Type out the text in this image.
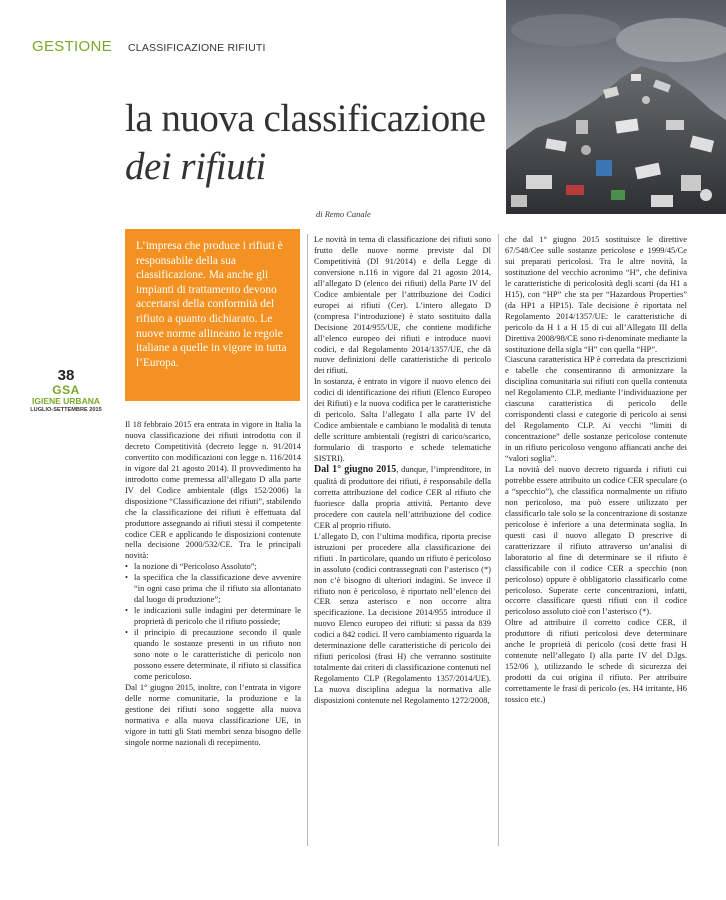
GESTIONE CLASSIFICAZIONE RIFIUTI
la nuova classificazione
dei rifiuti
di Remo Canale
L’impresa che produce i rifiuti è responsabile della sua classificazione. Ma anche gli impianti di trattamento devono accertarsi della conformità del rifiuto a quanto dichiarato. Le nuove norme allineano le regole italiane a quelle in vigore in tutta l’Europa.
38
GSA
IGIENE URBANA
LUGLIO-SETTEMBRE 2015

Il 18 febbraio 2015 era entrata in vigore in Italia la nuova classificazione dei rifiuti introdotta con il decreto Competitività (decreto legge n. 91/2014 convertito con modificazioni con legge n. 116/2014 in vigore dal 21 agosto 2014). Il provvedimento ha introdotto come premessa all’allegato D alla parte IV del Codice ambientale (dlgs 152/2006) la disposizione “Classificazione dei rifiuti”, stabilendo che la classificazione dei rifiuti è effettuata dal produttore assegnando ai rifiuti stessi il competente codice CER e applicando le disposizioni contenute nella decisione 2000/532/CE. Tra le principali novità:

• la nozione di “Pericoloso Assoluto”;
• la specifica che la classificazione deve avvenire “in ogni caso prima che il rifiuto sia allontanato dal luogo di produzione”;
• le indicazioni sulle indagini per determinare le proprietà di pericolo che il rifiuto possiede;
• il principio di precauzione secondo il quale quando le sostanze presenti in un rifiuto non sono note o le caratteristiche di pericolo non possono essere determinate, il rifiuto si classifica come pericoloso.

Dal 1° giugno 2015, inoltre, con l’entrata in vigore delle norme comunitarie, la produzione e la gestione dei rifiuti sono soggette alla nuova normativa e alla nuova classificazione UE, in vigore in tutti gli Stati membri senza bisogno delle singole norme nazionali di recepimento.

Le novità in tema di classificazione dei rifiuti sono frutto delle nuove norme previste dal Dl Competitività (Dl 91/2014) e della Legge di conversione n.116 in vigore dal 21 agosto 2014, all’allegato D (elenco dei rifiuti) della Parte IV del Codice ambientale per l’attribuzione dei Codici europei ai rifiuti (Cer). L’intero allegato D (compresa l’introduzione) è stato sostituito dalla Decisione 2014/955/UE, che contiene modifiche all’elenco europeo dei rifiuti e introduce nuovi codici, e dal Regolamento 2014/1357/UE, che dà nuove definizioni delle caratteristiche di pericolo dei rifiuti.

In sostanza, è entrato in vigore il nuovo elenco dei codici di identificazione dei rifiuti (Elenco Europeo dei Rifiuti) e la nuova codifica per le caratteristiche di pericolo. Salta l’allegato I alla parte IV del Codice ambientale e cambiano le modalità di tenuta delle scritture ambientali (registri di carico/scarico, formulario di trasporto e schede telematiche SISTRI).

Dal 1° giugno 2015, dunque, l’imprenditore, in qualità di produttore dei rifiuti, è responsabile della corretta attribuzione del codice CER al rifiuto che fuoriesce dalla propria attività. Pertanto deve procedere con cautela nell’attribuzione del codice CER al proprio rifiuto.

L’allegato D, con l’ultima modifica, riporta precise istruzioni per procedere alla classificazione dei rifiuti . In particolare, quando un rifiuto è pericoloso in assoluto (codici contrassegnati con l’asterisco (*) non c’è bisogno di ulteriori indagini. Se invece il rifiuto non è pericoloso, è riportato nell’elenco dei CER senza asterisco e non occorre altra specificazione. La decisione 2014/955 introduce il nuovo Elenco europeo dei rifiuti: si passa da 839 codici a 842 codici. Il vero cambiamento riguarda la determinazione delle caratteristiche di pericolo dei rifiuti pericolosi (frasi H) che verranno sostituite totalmente dai criteri di classificazione contenuti nel Regolamento CLP (Regolamento 1357/2014/UE). La nuova disciplina adegua la normativa alle disposizioni contenute nel Regolamento 1272/2008,

che dal 1° giugno 2015 sostituisce le direttive 67/548/Cee sulle sostanze pericolose e 1999/45/Ce sui preparati pericolosi. Tra le altre novità, la sostituzione del vecchio acronimo “H”, che definiva le caratteristiche di pericolosità degli scarti (da H1 a H15), con “HP” che sta per “Hazardous Properties” (da HP1 a HP15). Tale decisione è riportata nel Regolamento 2014/1357/UE: le caratteristiche di pericolo da H 1 a H 15 di cui all’Allegato III della Direttiva 2008/98/CE sono ri-denominate mediante la sostituzione della sigla “H” con quella “HP”.

Ciascuna caratteristica HP è corredata da prescrizioni e tabelle che consentiranno di armonizzare la disciplina comunitaria sui rifiuti con quella contenuta nel Regolamento CLP, mediante l’individuazione per ciascuna caratteristica di pericolo delle corrispondenti classi e categorie di pericolo ai sensi del Regolamento CLP. Ai vecchi “limiti di concentrazione” delle sostanze pericolose contenute in un rifiuto pericoloso vengono affiancati anche dei “valori soglia”.

La novità del nuovo decreto riguarda i rifiuti cui potrebbe essere attribuito un codice CER speculare (o a “specchio”), che classifica normalmente un rifiuto non pericoloso, ma può essere utilizzato per classificarlo tale solo se la concentrazione di sostanze pericolose è inferiore a una determinata soglia. In questi casi il nuovo allegato D prescrive di caratterizzare il rifiuto attraverso un’analisi di laboratorio al fine di determinare se il rifiuto è classificabile con il codice CER a specchio (non pericoloso) oppure è obbligatorio classificarlo come pericoloso. Superate certe concentrazioni, infatti, occorre classificare questi rifiuti con il codice pericoloso assoluto cioè con l’asterisco (*).

Oltre ad attribuire il corretto codice CER, il produttore di rifiuti pericolosi deve determinare anche le proprietà di pericolo (così dette frasi H contenute nell’allegato I) alla parte IV del D.lgs. 152/06 ), utilizzando le schede di sicurezza dei prodotti da cui origina il rifiuto. Per attribuire correttamente le frasi di pericolo (es. H4 irritante, H6 tossico etc.)
